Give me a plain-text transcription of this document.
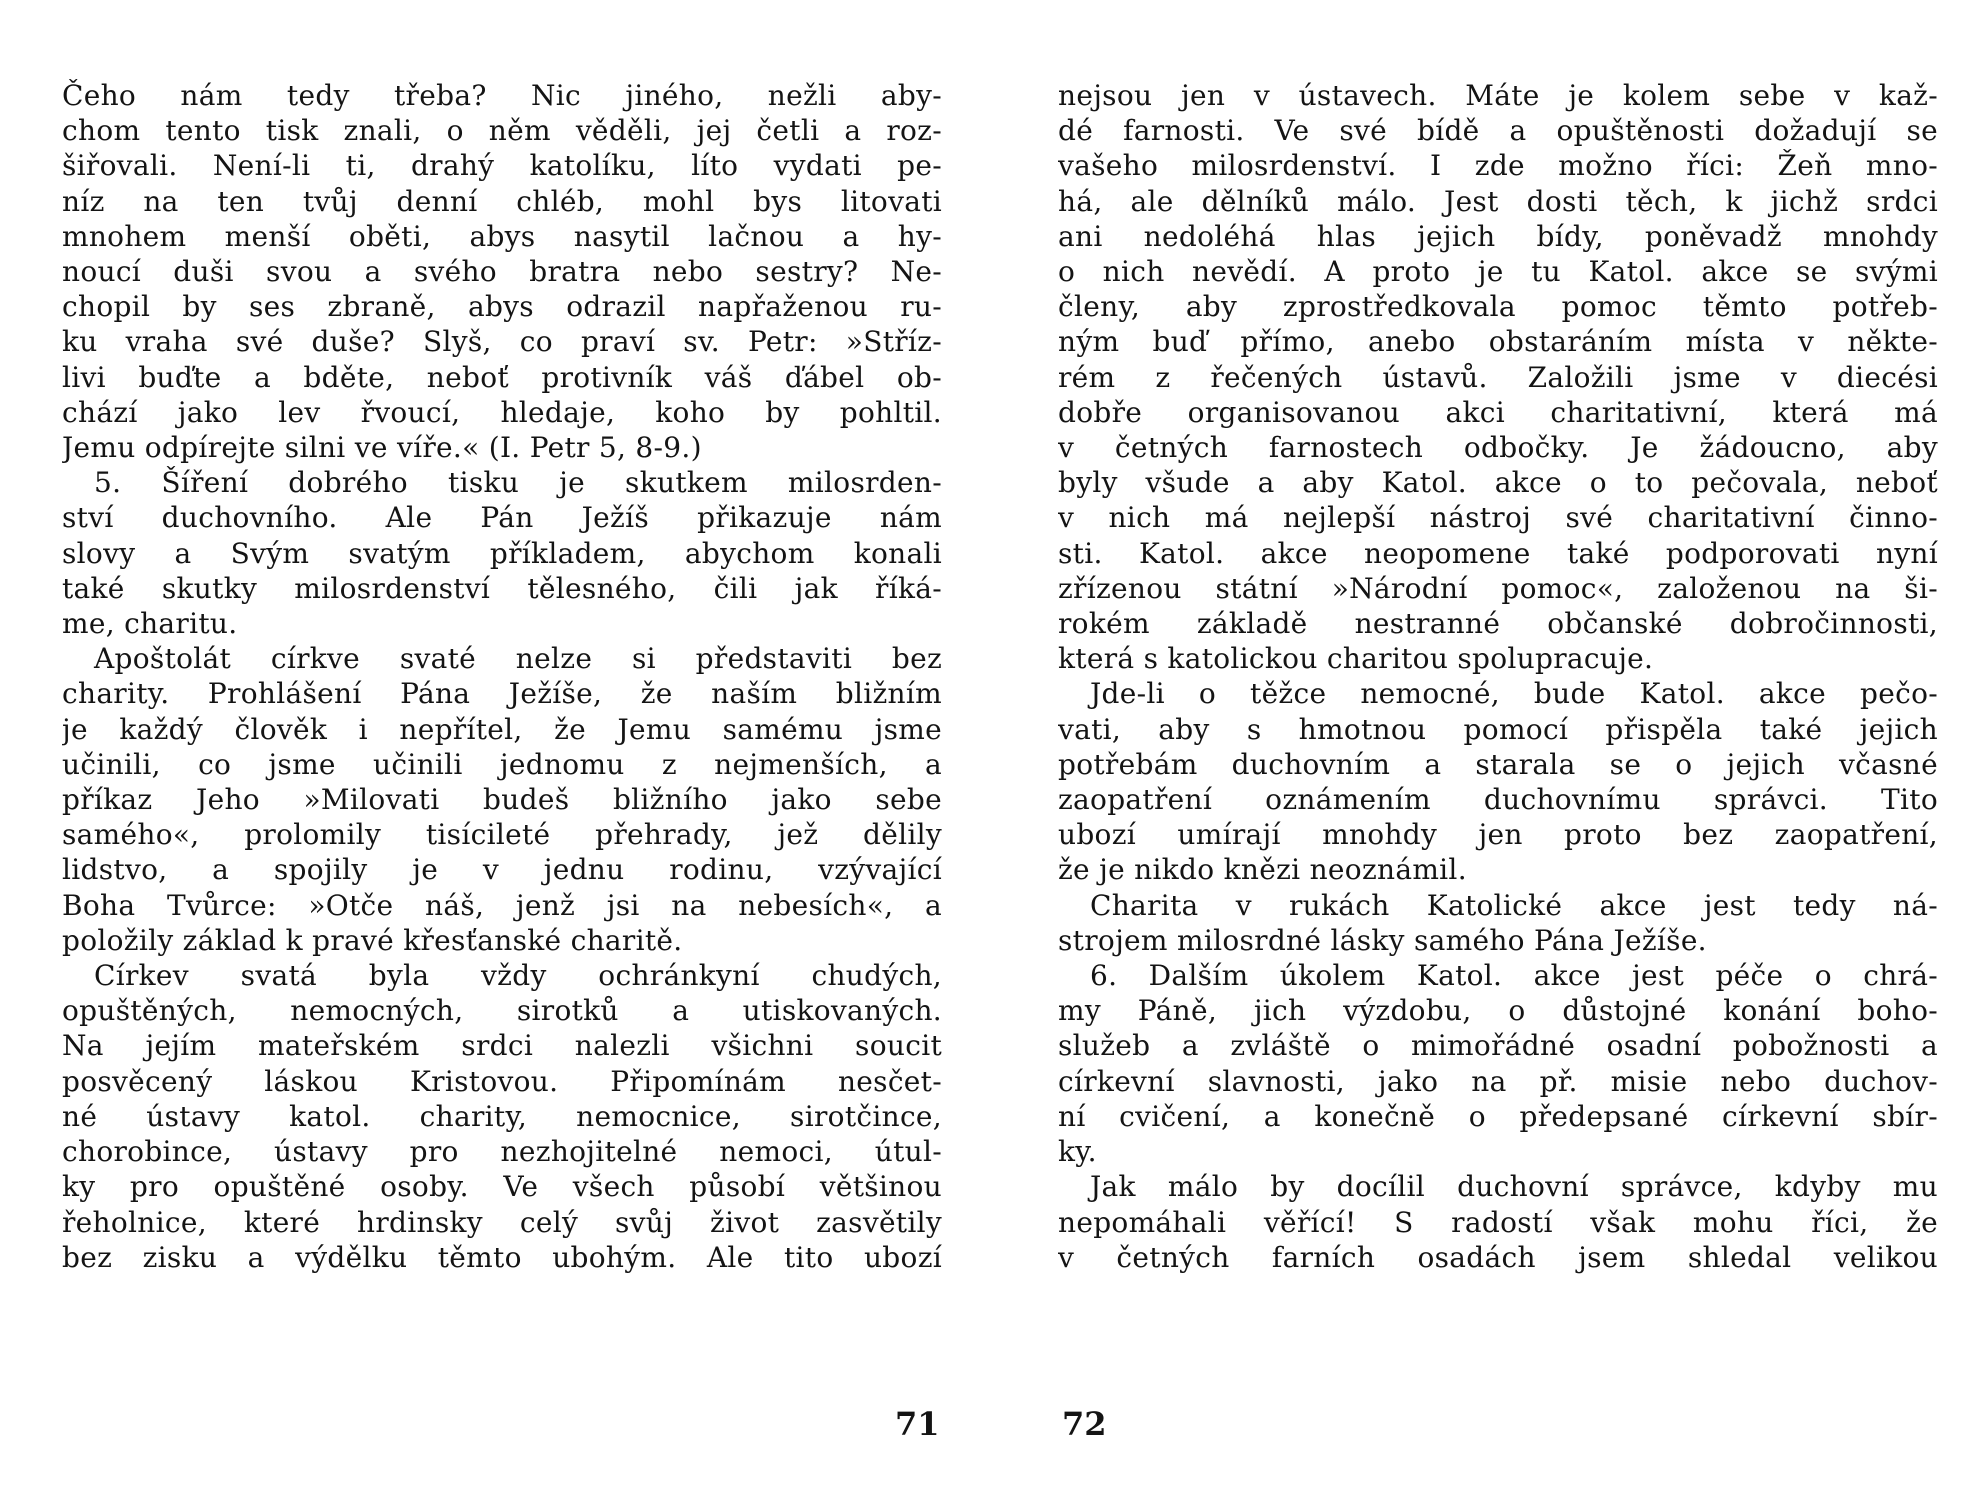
Čeho nám tedy třeba? Nic jiného, nežli aby-
chom tento tisk znali, o něm věděli, jej četli a roz-
šiřovali. Není-li ti, drahý katolíku, líto vydati pe-
níz na ten tvůj denní chléb, mohl bys litovati
mnohem menší oběti, abys nasytil lačnou a hy-
noucí duši svou a svého bratra nebo sestry? Ne-
chopil by ses zbraně, abys odrazil napřaženou ru-
ku vraha své duše? Slyš, co praví sv. Petr: »Stříz-
livi buďte a bděte, neboť protivník váš ďábel ob-
chází jako lev řvoucí, hledaje, koho by pohltil.
Jemu odpírejte silni ve víře.« (I. Petr 5, 8-9.)
5. Šíření dobrého tisku je skutkem milosrden-
ství duchovního. Ale Pán Ježíš přikazuje nám
slovy a Svým svatým příkladem, abychom konali
také skutky milosrdenství tělesného, čili jak říká-
me, charitu.
Apoštolát církve svaté nelze si představiti bez
charity. Prohlášení Pána Ježíše, že naším bližním
je každý člověk i nepřítel, že Jemu samému jsme
učinili, co jsme učinili jednomu z nejmenších, a
příkaz Jeho »Milovati budeš bližního jako sebe
samého«, prolomily tisícileté přehrady, jež dělily
lidstvo, a spojily je v jednu rodinu, vzývající
Boha Tvůrce: »Otče náš, jenž jsi na nebesích«, a
položily základ k pravé křesťanské charitě.
Církev svatá byla vždy ochránkyní chudých,
opuštěných, nemocných, sirotků a utiskovaných.
Na jejím mateřském srdci nalezli všichni soucit
posvěcený láskou Kristovou. Připomínám nesčet-
né ústavy katol. charity, nemocnice, sirotčince,
chorobince, ústavy pro nezhojitelné nemoci, útul-
ky pro opuštěné osoby. Ve všech působí většinou
řeholnice, které hrdinsky celý svůj život zasvětily
bez zisku a výdělku těmto ubohým. Ale tito ubozí
71
nejsou jen v ústavech. Máte je kolem sebe v kaž-
dé farnosti. Ve své bídě a opuštěnosti dožadují se
vašeho milosrdenství. I zde možno říci: Žeň mno-
há, ale dělníků málo. Jest dosti těch, k jichž srdci
ani nedoléhá hlas jejich bídy, poněvadž mnohdy
o nich nevědí. A proto je tu Katol. akce se svými
členy, aby zprostředkovala pomoc těmto potřeb-
ným buď přímo, anebo obstaráním místa v někte-
rém z řečených ústavů. Založili jsme v diecési
dobře organisovanou akci charitativní, která má
v četných farnostech odbočky. Je žádoucno, aby
byly všude a aby Katol. akce o to pečovala, neboť
v nich má nejlepší nástroj své charitativní činno-
sti. Katol. akce neopomene také podporovati nyní
zřízenou státní »Národní pomoc«, založenou na ši-
rokém základě nestranné občanské dobročinnosti,
která s katolickou charitou spolupracuje.
Jde-li o těžce nemocné, bude Katol. akce pečo-
vati, aby s hmotnou pomocí přispěla také jejich
potřebám duchovním a starala se o jejich včasné
zaopatření oznámením duchovnímu správci. Tito
ubozí umírají mnohdy jen proto bez zaopatření,
že je nikdo knězi neoznámil.
Charita v rukách Katolické akce jest tedy ná-
strojem milosrdné lásky samého Pána Ježíše.
6. Dalším úkolem Katol. akce jest péče o chrá-
my Páně, jich výzdobu, o důstojné konání boho-
služeb a zvláště o mimořádné osadní pobožnosti a
církevní slavnosti, jako na př. misie nebo duchov-
ní cvičení, a konečně o předepsané církevní sbír-
ky.
Jak málo by docílil duchovní správce, kdyby mu
nepomáhali věřící! S radostí však mohu říci, že
v četných farních osadách jsem shledal velikou
72
